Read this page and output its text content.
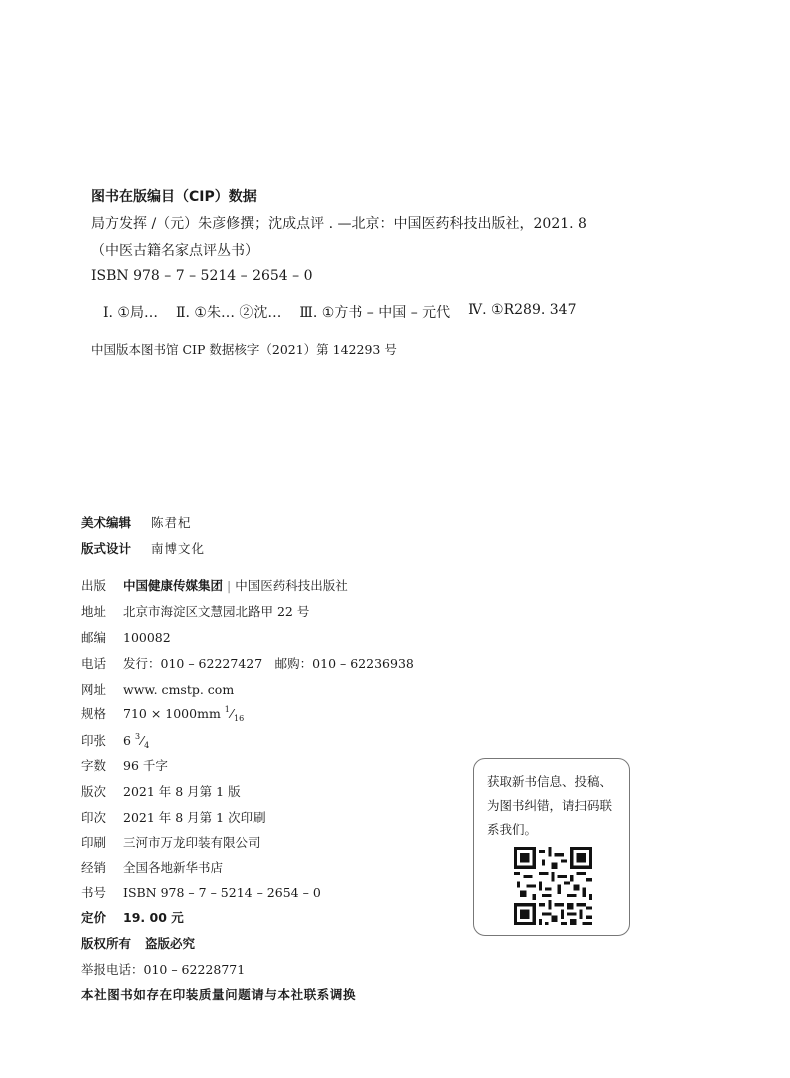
图书在版编目（CIP）数据
局方发挥 /（元）朱彦修撰；沈成点评 . —北京：中国医药科技出版社，2021. 8
（中医古籍名家点评丛书）
ISBN 978 – 7 – 5214 – 2654 – 0
Ⅰ. ①局… Ⅱ. ①朱… ②沈… Ⅲ. ①方书 – 中国 – 元代 Ⅳ. ①R289. 347
中国版本图书馆 CIP 数据核字（2021）第 142293 号
美术编辑 陈君杞
版式设计 南博文化
出版 中国健康传媒集团 | 中国医药科技出版社
地址 北京市海淀区文慧园北路甲 22 号
邮编 100082
电话 发行：010 – 62227427　邮购：010 – 62236938
网址 www. cmstp. com
规格 710 × 1000mm $^1⁄_{16}$
印张 6 $^3⁄_4$
字数 96 千字
版次 2021 年 8 月第 1 版
印次 2021 年 8 月第 1 次印刷
印刷 三河市万龙印装有限公司
经销 全国各地新华书店
书号 ISBN 978 – 7 – 5214 – 2654 – 0
定价 19. 00 元
版权所有 盗版必究
举报电话：010 – 62228771
本社图书如存在印装质量问题请与本社联系调换
获取新书信息、投稿、为图书纠错，请扫码联系我们。
